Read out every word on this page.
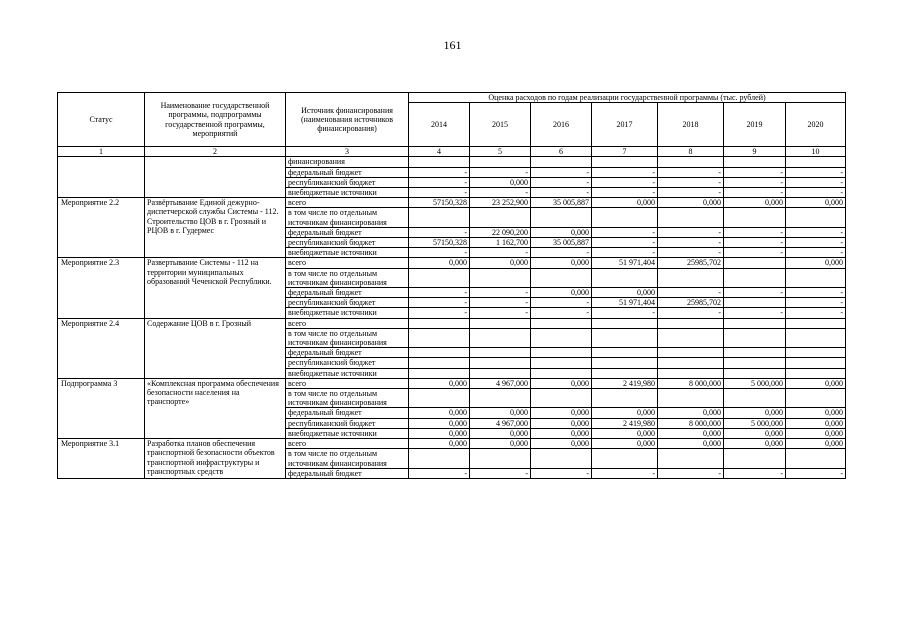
161
Статус	Наименование государственной программы, подпрограммы государственной программы, мероприятий	Источник финансирования (наименования источников финансирования)	Оценка расходов по годам реализации государственной программы (тыс. рублей)						
			2014	2015	2016	2017	2018	2019	2020
1	2	3	4	5	6	7	8	9	10
		финансирования							
		федеральный бюджет	-	-	-	-	-	-	-
		республиканский бюджет	-	0,000	-	-	-	-	-
		внебюджетные источники	-	-	-	-	-	-	-
Мероприятие 2.2	Развёртывание Единой дежурно-диспетчерской службы Системы - 112. Строительство ЦОВ в г. Грозный и РЦОВ в г. Гудермес	всего	57150,328	23 252,900	35 005,887	0,000	0,000	0,000	0,000
		в том числе по отдельным источникам финансирования							
		федеральный бюджет	-	22 090,200	0,000	-	-	-	-
		республиканский бюджет	57150,328	1 162,700	35 005,887	-	-	-	-
		внебюджетные источники	-	-	-	-	-	-	-
Мероприятие 2.3	Развертывание Системы - 112 на территории муниципальных образований Чеченской Республики.	всего	0,000	0,000	0,000	51 971,404	25985,702		0,000
		в том числе по отдельным источникам финансирования							
		федеральный бюджет	-	-	0,000	0,000	-	-	-
		республиканский бюджет	-	-	-	51 971,404	25985,702		-
		внебюджетные источники	-	-	-	-	-	-	-
Мероприятие 2.4	Содержание ЦОВ в г. Грозный	всего							
		в том числе по отдельным источникам финансирования							
		федеральный бюджет							
		республиканский бюджет							
		внебюджетные источники							
Подпрограмма 3	«Комплексная программа обеспечения безопасности населения на транспорте»	всего	0,000	4 967,000	0,000	2 419,980	8 000,000	5 000,000	0,000
		в том числе по отдельным источникам финансирования							
		федеральный бюджет	0,000	0,000	0,000	0,000	0,000	0,000	0,000
		республиканский бюджет	0,000	4 967,000	0,000	2 419,980	8 000,000	5 000,000	0,000
		внебюджетные источники	0,000	0,000	0,000	0,000	0,000	0,000	0,000
Мероприятие 3.1	Разработка планов обеспечения транспортной безопасности объектов транспортной инфраструктуры и транспортных средств	всего	0,000	0,000	0,000	0,000	0,000	0,000	0,000
		в том числе по отдельным источникам финансирования							
		федеральный бюджет	-	-	-	-	-	-	-
